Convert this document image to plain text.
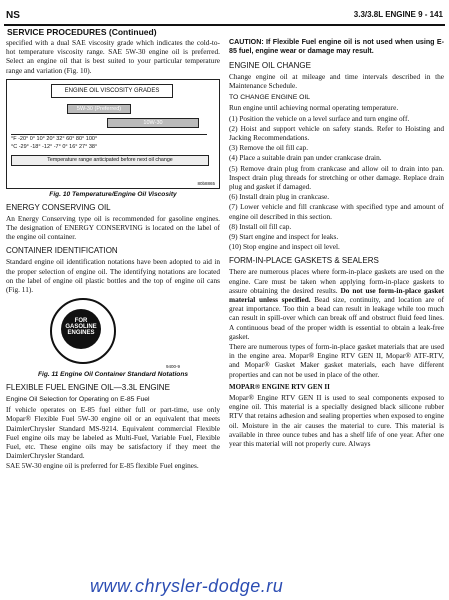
NS	3.3/3.8L ENGINE 9 - 141
SERVICE PROCEDURES (Continued)

specified with a dual SAE viscosity grade which indicates the cold-to-hot temperature viscosity range. SAE 5W-30 engine oil is preferred. Select an engine oil that is best suited to your particular temperature range and variation (Fig. 10).

ENGINE OIL VISCOSITY GRADES
5W-30 (Preferred)
10W-30
°F -20° 0° 10° 20° 32° 60° 80° 100°
°C -29° -18° -12° -7° 0° 16° 27° 38°
Temperature range anticipated before next oil change
80b8865
Fig. 10 Temperature/Engine Oil Viscosity
ENERGY CONSERVING OIL

An Energy Conserving type oil is recommended for gasoline engines. The designation of ENERGY CONSERVING is located on the label of the engine oil container.

CONTAINER IDENTIFICATION

Standard engine oil identification notations have been adopted to aid in the proper selection of engine oil. The identifying notations are located on the label of engine oil plastic bottles and the top of engine oil cans (Fig. 11).

FOR GASOLINE ENGINES
9400-9
Fig. 11 Engine Oil Container Standard Notations
FLEXIBLE FUEL ENGINE OIL—3.3L ENGINE
Engine Oil Selection for Operating on E-85 Fuel

If vehicle operates on E-85 fuel either full or part-time, use only Mopar® Flexible Fuel 5W-30 engine oil or an equivalent that meets DaimlerChrysler Standard MS-9214. Equivalent commercial Flexible Fuel engine oils may be labeled as Multi-Fuel, Variable Fuel, Flexible Fuel, etc. These engine oils may be satisfactory if they meet the DaimlerChrysler Standard.

SAE 5W-30 engine oil is preferred for E-85 flexible Fuel engines.

CAUTION: If Flexible Fuel engine oil is not used when using E-85 fuel, engine wear or damage may result.

ENGINE OIL CHANGE

Change engine oil at mileage and time intervals described in the Maintenance Schedule.

TO CHANGE ENGINE OIL

Run engine until achieving normal operating temperature.

(1) Position the vehicle on a level surface and turn engine off.

(2) Hoist and support vehicle on safety stands. Refer to Hoisting and Jacking Recommendations.

(3) Remove the oil fill cap.

(4) Place a suitable drain pan under crankcase drain.

(5) Remove drain plug from crankcase and allow oil to drain into pan. Inspect drain plug threads for stretching or other damage. Replace drain plug and gasket if damaged.

(6) Install drain plug in crankcase.

(7) Lower vehicle and fill crankcase with specified type and amount of engine oil described in this section.

(8) Install oil fill cap.

(9) Start engine and inspect for leaks.

(10) Stop engine and inspect oil level.

FORM-IN-PLACE GASKETS & SEALERS

There are numerous places where form-in-place gaskets are used on the engine. Care must be taken when applying form-in-place gaskets to assure obtaining the desired results. Do not use form-in-place gasket material unless specified. Bead size, continuity, and location are of great importance. Too thin a bead can result in leakage while too much can result in spill-over which can break off and obstruct fluid feed lines. A continuous bead of the proper width is essential to obtain a leak-free gasket.

There are numerous types of form-in-place gasket materials that are used in the engine area. Mopar® Engine RTV GEN II, Mopar® ATF-RTV, and Mopar® Gasket Maker gasket materials, each have different properties and can not be used in place of the other.

MOPAR® ENGINE RTV GEN II

Mopar® Engine RTV GEN II is used to seal components exposed to engine oil. This material is a specially designed black silicone rubber RTV that retains adhesion and sealing properties when exposed to engine oil. Moisture in the air causes the material to cure. This material is available in three ounce tubes and has a shelf life of one year. After one year this material will not properly cure. Always

www.chrysler-dodge.ru
